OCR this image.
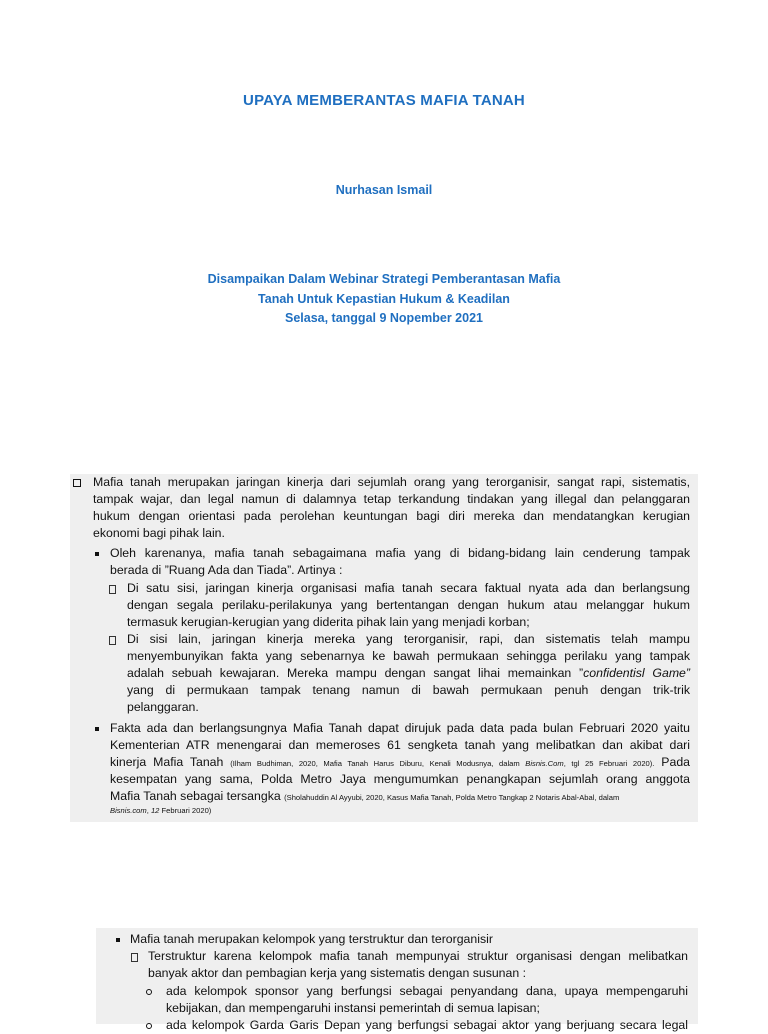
UPAYA MEMBERANTAS MAFIA TANAH
Nurhasan Ismail
Disampaikan Dalam Webinar Strategi Pemberantasan Mafia
Tanah Untuk Kepastian Hukum & Keadilan
Selasa, tanggal 9 Nopember 2021
Mafia tanah merupakan jaringan kinerja dari sejumlah orang yang terorganisir, sangat rapi, sistematis,
tampak wajar, dan legal namun di dalamnya tetap terkandung tindakan yang illegal dan pelanggaran
hukum dengan orientasi pada perolehan keuntungan bagi diri mereka dan mendatangkan kerugian
ekonomi bagi pihak lain.
Oleh karenanya, mafia tanah sebagaimana mafia yang di bidang-bidang lain cenderung tampak
berada di ”Ruang Ada dan Tiada”. Artinya :
Di satu sisi, jaringan kinerja organisasi mafia tanah secara faktual nyata ada dan berlangsung
dengan segala perilaku-perilakunya yang bertentangan dengan hukum atau melanggar hukum
termasuk kerugian-kerugian yang diderita pihak lain yang menjadi korban;
Di sisi lain, jaringan kinerja mereka yang terorganisir, rapi, dan sistematis telah mampu
menyembunyikan fakta yang sebenarnya ke bawah permukaan sehingga perilaku yang tampak
adalah sebuah kewajaran. Mereka mampu dengan sangat lihai memainkan ”confidentisl Game”
yang di permukaan tampak tenang namun di bawah permukaan penuh dengan trik-trik
pelanggaran.
Fakta ada dan berlangsungnya Mafia Tanah dapat dirujuk pada data pada bulan Februari 2020 yaitu
Kementerian ATR menengarai dan memeroses 61 sengketa tanah yang melibatkan dan akibat dari
kinerja Mafia Tanah (Ilham Budhiman, 2020, Mafia Tanah Harus Diburu, Kenali Modusnya, dalam Bisnis.Com, tgl 25 Februari 2020). Pada
kesempatan yang sama, Polda Metro Jaya mengumumkan penangkapan sejumlah orang anggota
Mafia Tanah sebagai tersangka (Sholahuddin Al Ayyubi, 2020, Kasus Mafia Tanah, Polda Metro Tangkap 2 Notaris Abal-Abal, dalam
Bisnis.com, 12 Februari 2020)
Mafia tanah merupakan kelompok yang terstruktur dan terorganisir
Terstruktur karena kelompok mafia tanah mempunyai struktur organisasi dengan melibatkan
banyak aktor dan pembagian kerja yang sistematis dengan susunan :
ada kelompok sponsor yang berfungsi sebagai penyandang dana, upaya mempengaruhi
kebijakan, dan mempengaruhi instansi pemerintah di semua lapisan;
ada kelompok Garda Garis Depan yang berfungsi sebagai aktor yang berjuang secara legal
